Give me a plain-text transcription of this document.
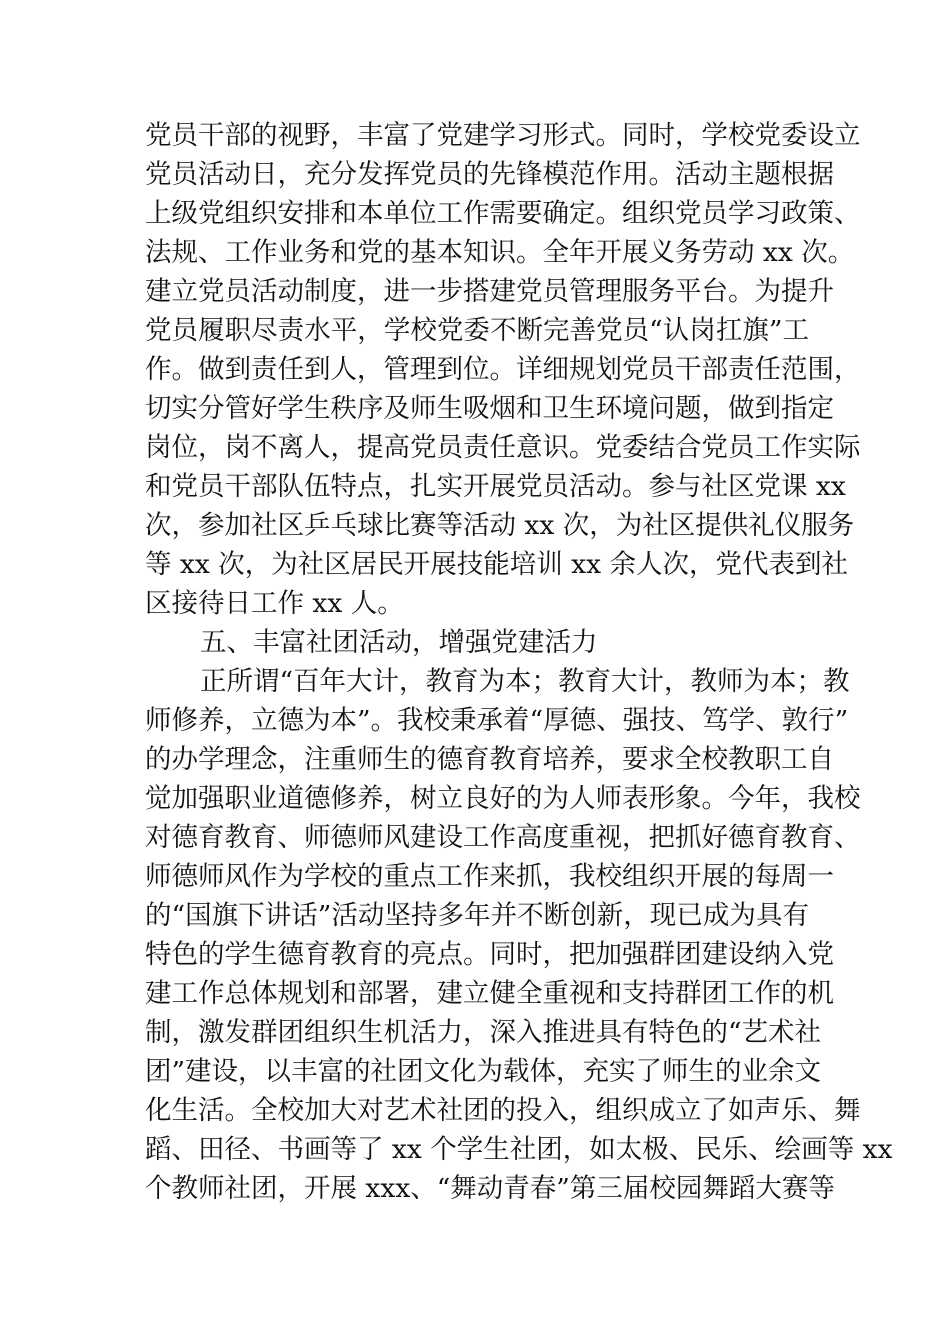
党员干部的视野，丰富了党建学习形式。同时，学校党委设立
党员活动日，充分发挥党员的先锋模范作用。活动主题根据
上级党组织安排和本单位工作需要确定。组织党员学习政策、
法规、工作业务和党的基本知识。全年开展义务劳动 xx 次。
建立党员活动制度，进一步搭建党员管理服务平台。为提升
党员履职尽责水平，学校党委不断完善党员“认岗扛旗”工
作。做到责任到人，管理到位。详细规划党员干部责任范围，
切实分管好学生秩序及师生吸烟和卫生环境问题，做到指定
岗位，岗不离人，提高党员责任意识。党委结合党员工作实际
和党员干部队伍特点，扎实开展党员活动。参与社区党课 xx
次，参加社区乒乓球比赛等活动 xx 次，为社区提供礼仪服务
等 xx 次，为社区居民开展技能培训 xx 余人次，党代表到社
区接待日工作 xx 人。
五、丰富社团活动，增强党建活力
正所谓“百年大计，教育为本；教育大计，教师为本；教
师修养，立德为本”。我校秉承着“厚德、强技、笃学、敦行”
的办学理念，注重师生的德育教育培养，要求全校教职工自
觉加强职业道德修养，树立良好的为人师表形象。今年，我校
对德育教育、师德师风建设工作高度重视，把抓好德育教育、
师德师风作为学校的重点工作来抓，我校组织开展的每周一
的“国旗下讲话”活动坚持多年并不断创新，现已成为具有
特色的学生德育教育的亮点。同时，把加强群团建设纳入党
建工作总体规划和部署，建立健全重视和支持群团工作的机
制，激发群团组织生机活力，深入推进具有特色的“艺术社
团”建设，以丰富的社团文化为载体，充实了师生的业余文
化生活。全校加大对艺术社团的投入，组织成立了如声乐、舞
蹈、田径、书画等了 xx 个学生社团，如太极、民乐、绘画等 xx
个教师社团，开展 xxx、“舞动青春”第三届校园舞蹈大赛等
